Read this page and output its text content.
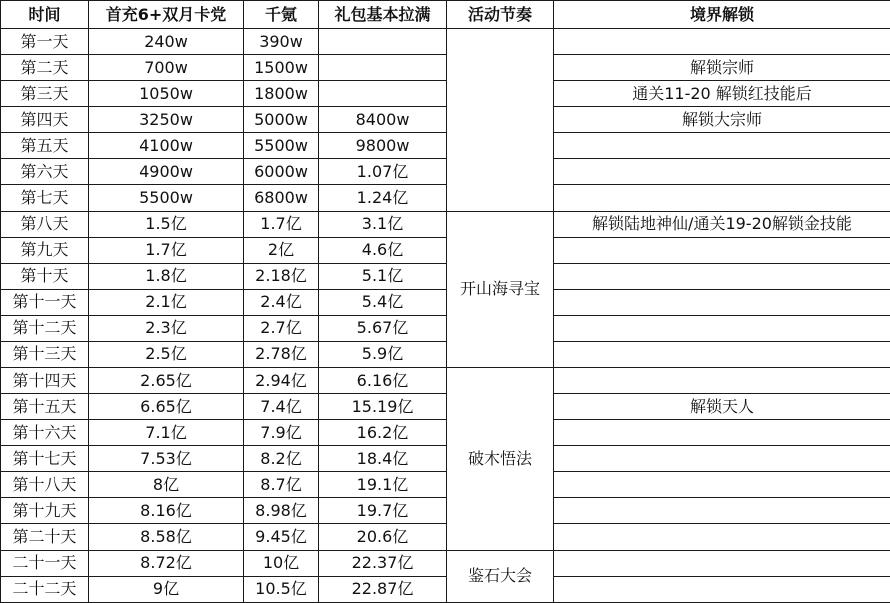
时间	首充6+双月卡党	千氪	礼包基本拉满	活动节奏	境界解锁
第一天	240w	390w			
第二天	700w	1500w			解锁宗师
第三天	1050w	1800w			通关11-20 解锁红技能后
第四天	3250w	5000w	8400w		解锁大宗师
第五天	4100w	5500w	9800w		
第六天	4900w	6000w	1.07亿		
第七天	5500w	6800w	1.24亿		
第八天	1.5亿	1.7亿	3.1亿	开山海寻宝	解锁陆地神仙/通关19-20解锁金技能
第九天	1.7亿	2亿	4.6亿		
第十天	1.8亿	2.18亿	5.1亿		
第十一天	2.1亿	2.4亿	5.4亿		
第十二天	2.3亿	2.7亿	5.67亿		
第十三天	2.5亿	2.78亿	5.9亿		
第十四天	2.65亿	2.94亿	6.16亿	破木悟法	
第十五天	6.65亿	7.4亿	15.19亿		解锁天人
第十六天	7.1亿	7.9亿	16.2亿		
第十七天	7.53亿	8.2亿	18.4亿		
第十八天	8亿	8.7亿	19.1亿		
第十九天	8.16亿	8.98亿	19.7亿		
第二十天	8.58亿	9.45亿	20.6亿		
二十一天	8.72亿	10亿	22.37亿	鉴石大会	
二十二天	9亿	10.5亿	22.87亿		
